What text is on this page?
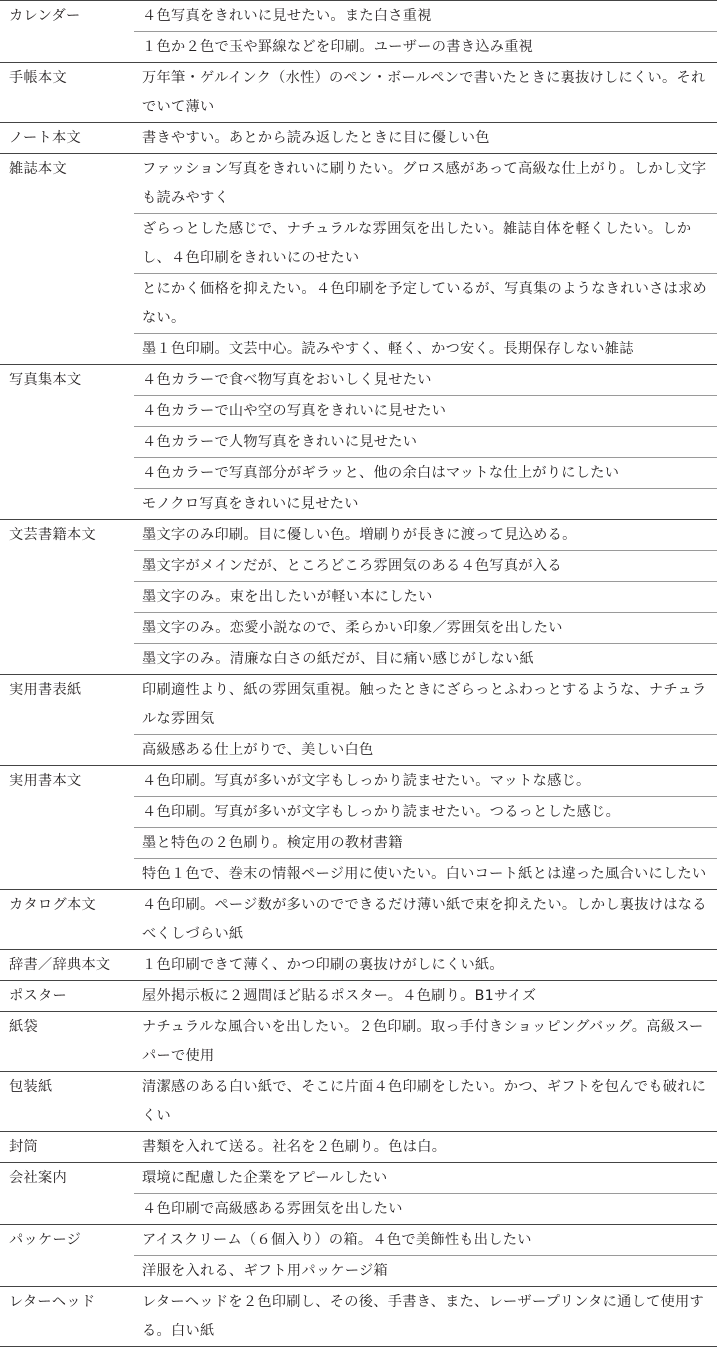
カレンダー	４色写真をきれいに見せたい。また白さ重視
	１色か２色で玉や罫線などを印刷。ユーザーの書き込み重視
手帳本文	万年筆・ゲルインク（水性）のペン・ボールペンで書いたときに裏抜けしにくい。それでいて薄い
ノート本文	書きやすい。あとから読み返したときに目に優しい色
雑誌本文	ファッション写真をきれいに刷りたい。グロス感があって高級な仕上がり。しかし文字も読みやすく
	ざらっとした感じで、ナチュラルな雰囲気を出したい。雑誌自体を軽くしたい。しかし、４色印刷をきれいにのせたい
	とにかく価格を抑えたい。４色印刷を予定しているが、写真集のようなきれいさは求めない。
	墨１色印刷。文芸中心。読みやすく、軽く、かつ安く。長期保存しない雑誌
写真集本文	４色カラーで食べ物写真をおいしく見せたい
	４色カラーで山や空の写真をきれいに見せたい
	４色カラーで人物写真をきれいに見せたい
	４色カラーで写真部分がギラッと、他の余白はマットな仕上がりにしたい
	モノクロ写真をきれいに見せたい
文芸書籍本文	墨文字のみ印刷。目に優しい色。増刷りが長きに渡って見込める。
	墨文字がメインだが、ところどころ雰囲気のある４色写真が入る
	墨文字のみ。束を出したいが軽い本にしたい
	墨文字のみ。恋愛小説なので、柔らかい印象／雰囲気を出したい
	墨文字のみ。清廉な白さの紙だが、目に痛い感じがしない紙
実用書表紙	印刷適性より、紙の雰囲気重視。触ったときにざらっとふわっとするような、ナチュラルな雰囲気
	高級感ある仕上がりで、美しい白色
実用書本文	４色印刷。写真が多いが文字もしっかり読ませたい。マットな感じ。
	４色印刷。写真が多いが文字もしっかり読ませたい。つるっとした感じ。
	墨と特色の２色刷り。検定用の教材書籍
	特色１色で、巻末の情報ページ用に使いたい。白いコート紙とは違った風合いにしたい
カタログ本文	４色印刷。ページ数が多いのでできるだけ薄い紙で束を抑えたい。しかし裏抜けはなるべくしづらい紙
辞書／辞典本文	１色印刷できて薄く、かつ印刷の裏抜けがしにくい紙。
ポスター	屋外掲示板に２週間ほど貼るポスター。４色刷り。B1サイズ
紙袋	ナチュラルな風合いを出したい。２色印刷。取っ手付きショッピングバッグ。高級スーパーで使用
包装紙	清潔感のある白い紙で、そこに片面４色印刷をしたい。かつ、ギフトを包んでも破れにくい
封筒	書類を入れて送る。社名を２色刷り。色は白。
会社案内	環境に配慮した企業をアピールしたい
	４色印刷で高級感ある雰囲気を出したい
パッケージ	アイスクリーム（６個入り）の箱。４色で美飾性も出したい
	洋服を入れる、ギフト用パッケージ箱
レターヘッド	レターヘッドを２色印刷し、その後、手書き、また、レーザープリンタに通して使用する。白い紙
